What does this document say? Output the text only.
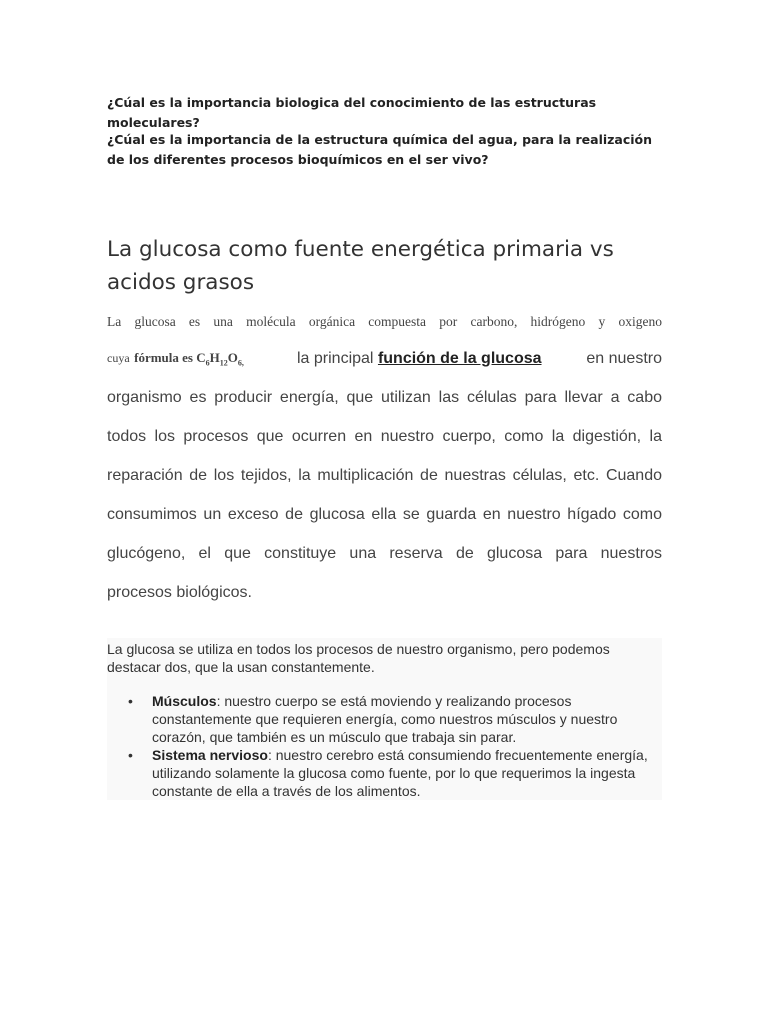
¿Cúal es la importancia biologica del conocimiento de las estructuras moleculares?

¿Cúal es la importancia de la estructura química del agua, para la realización de los diferentes procesos bioquímicos en el ser vivo?

La glucosa como fuente energética primaria vs acidos grasos
La glucosa es una molécula orgánica compuesta por carbono, hidrógeno y oxigeno
cuya fórmula es $C_6H_{12}O_{6,}$	la principal función de la glucosa	en nuestro
organismo es producir energía, que utilizan las células para llevar a cabo
todos los procesos que ocurren en nuestro cuerpo, como la digestión, la
reparación de los tejidos, la multiplicación de nuestras células, etc. Cuando
consumimos un exceso de glucosa ella se guarda en nuestro hígado como
glucógeno, el que constituye una reserva de glucosa para nuestros
procesos biológicos.

La glucosa se utiliza en todos los procesos de nuestro organismo, pero podemos destacar dos, que la usan constantemente.

• Músculos: nuestro cuerpo se está moviendo y realizando procesos constantemente que requieren energía, como nuestros músculos y nuestro corazón, que también es un músculo que trabaja sin parar.
• Sistema nervioso: nuestro cerebro está consumiendo frecuentemente energía, utilizando solamente la glucosa como fuente, por lo que requerimos la ingesta constante de ella a través de los alimentos.
